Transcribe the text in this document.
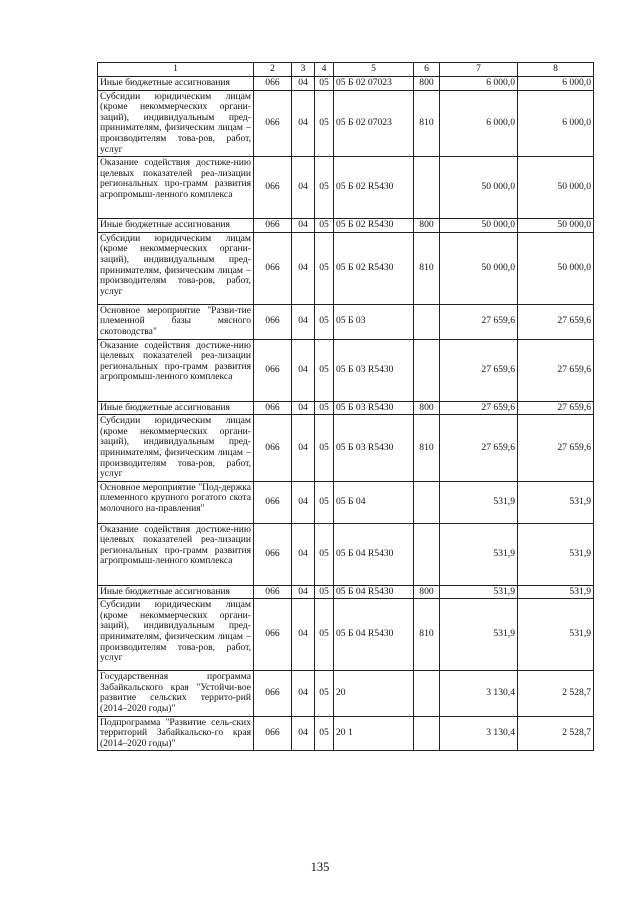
1	2	3	4	5	6	7	8
Иные бюджетные ассигнования	066	04	05	05 Б 02 07023	800	6 000,0	6 000,0
Субсидии юридическим лицам (кроме некоммерческих органи-заций), индивидуальным пред-принимателям, физическим лицам – производителям това-ров, работ, услуг	066	04	05	05 Б 02 07023	810	6 000,0	6 000,0
Оказание содействия достиже-нию целевых показателей реа-лизации региональных про-грамм развития агропромыш-ленного комплекса	066	04	05	05 Б 02 R5430		50 000,0	50 000,0
Иные бюджетные ассигнования	066	04	05	05 Б 02 R5430	800	50 000,0	50 000,0
Субсидии юридическим лицам (кроме некоммерческих органи-заций), индивидуальным пред-принимателям, физическим лицам – производителям това-ров, работ, услуг	066	04	05	05 Б 02 R5430	810	50 000,0	50 000,0
Основное мероприятие "Разви-тие племенной базы мясного скотоводства"	066	04	05	05 Б 03		27 659,6	27 659,6
Оказание содействия достиже-нию целевых показателей реа-лизации региональных про-грамм развития агропромыш-ленного комплекса	066	04	05	05 Б 03 R5430		27 659,6	27 659,6
Иные бюджетные ассигнования	066	04	05	05 Б 03 R5430	800	27 659,6	27 659,6
Субсидии юридическим лицам (кроме некоммерческих органи-заций), индивидуальным пред-принимателям, физическим лицам – производителям това-ров, работ, услуг	066	04	05	05 Б 03 R5430	810	27 659,6	27 659,6
Основное мероприятие "Под-держка племенного крупного рогатого скота молочного на-правления"	066	04	05	05 Б 04		531,9	531,9
Оказание содействия достиже-нию целевых показателей реа-лизации региональных про-грамм развития агропромыш-ленного комплекса	066	04	05	05 Б 04 R5430		531,9	531,9
Иные бюджетные ассигнования	066	04	05	05 Б 04 R5430	800	531,9	531,9
Субсидии юридическим лицам (кроме некоммерческих органи-заций), индивидуальным пред-принимателям, физическим лицам – производителям това-ров, работ, услуг	066	04	05	05 Б 04 R5430	810	531,9	531,9
Государственная программа Забайкальского края "Устойчи-вое развитие сельских террито-рий (2014–2020 годы)"	066	04	05	20		3 130,4	2 528,7
Подпрограмма "Развитие сель-ских территорий Забайкальско-го края (2014–2020 годы)"	066	04	05	20 1		3 130,4	2 528,7
135
